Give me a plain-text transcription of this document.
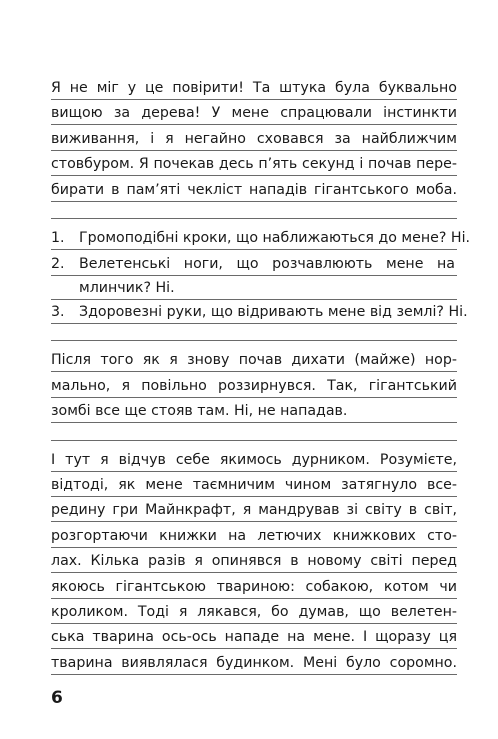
Я не міг у це повірити! Та штука була буквально
вищою за дерева! У мене спрацювали інстинкти
виживання, і я негайно сховався за найближчим
стовбуром. Я почекав десь п’ять секунд і почав пере-
бирати в пам’яті чекліст нападів гігантського моба.
1. Громоподібні кроки, що наближаються до мене? Ні.
2. Велетенські ноги, що розчавлюють мене на
млинчик? Ні.
3. Здоровезні руки, що відривають мене від землі? Ні.
Після того як я знову почав дихати (майже) нор-
мально, я повільно роззирнувся. Так, гігантський
зомбі все ще стояв там. Ні, не нападав.
І тут я відчув себе якимось дурником. Розумієте,
відтоді, як мене таємничим чином затягнуло все-
редину гри Майнкрафт, я мандрував зі світу в світ,
розгортаючи книжки на летючих книжкових сто-
лах. Кілька разів я опинявся в новому світі перед
якоюсь гігантською твариною: собакою, котом чи
кроликом. Тоді я лякався, бо думав, що велетен-
ська тварина ось-ось нападе на мене. І щоразу ця
тварина виявлялася будинком. Мені було соромно.
6
